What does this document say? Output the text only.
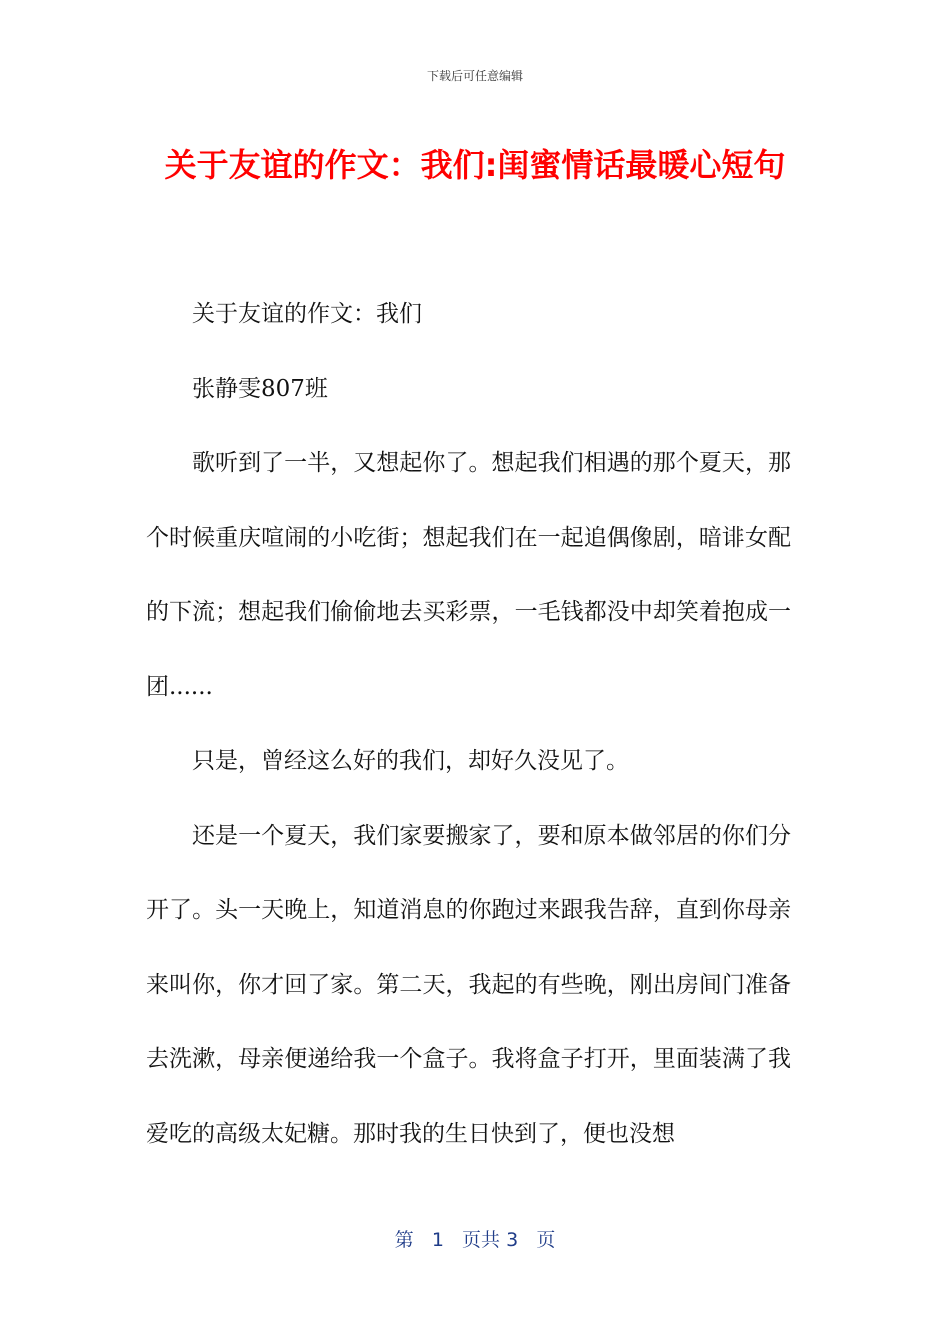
下载后可任意编辑
关于友谊的作文：我们:闺蜜情话最暖心短句

关于友谊的作文：我们

张静雯807班

歌听到了一半，又想起你了。想起我们相遇的那个夏天，那个时候重庆喧闹的小吃街；想起我们在一起追偶像剧，暗诽女配的下流；想起我们偷偷地去买彩票，一毛钱都没中却笑着抱成一团......

只是，曾经这么好的我们，却好久没见了。

还是一个夏天，我们家要搬家了，要和原本做邻居的你们分开了。头一天晚上，知道消息的你跑过来跟我告辞，直到你母亲来叫你，你才回了家。第二天，我起的有些晚，刚出房间门准备去洗漱，母亲便递给我一个盒子。我将盒子打开，里面装满了我爱吃的高级太妃糖。那时我的生日快到了，便也没想

第 1 页共 3 页
